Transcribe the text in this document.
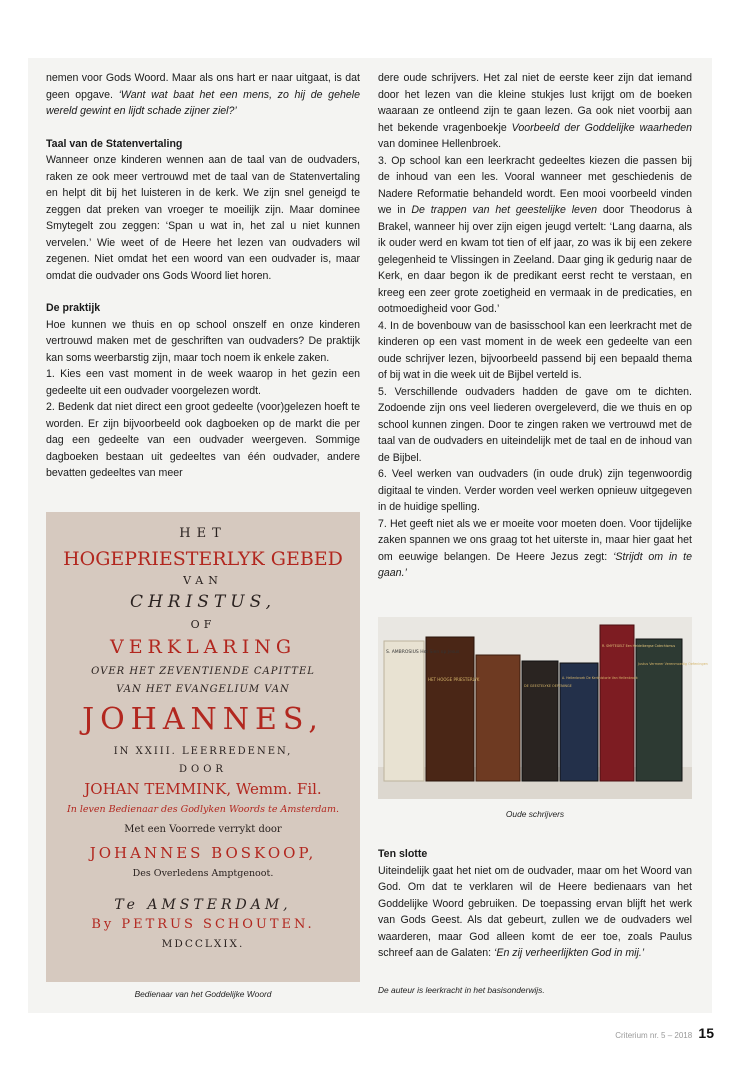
nemen voor Gods Woord. Maar als ons hart er naar uitgaat, is dat geen opgave. ‘Want wat baat het een mens, zo hij de gehele wereld gewint en lijdt schade zijner ziel?’

Taal van de Statenvertaling

Wanneer onze kinderen wennen aan de taal van de oudvaders, raken ze ook meer vertrouwd met de taal van de Statenvertaling en helpt dit bij het luisteren in de kerk. We zijn snel geneigd te zeggen dat preken van vroeger te moeilijk zijn. Maar dominee Smytegelt zou zeggen: ‘Span u wat in, het zal u niet kunnen vervelen.’ Wie weet of de Heere het lezen van oudvaders wil zegenen. Niet omdat het een woord van een oudvader is, maar omdat die oudvader ons Gods Woord liet horen.

De praktijk

Hoe kunnen we thuis en op school onszelf en onze kinderen vertrouwd maken met de geschriften van oudvaders? De praktijk kan soms weerbarstig zijn, maar toch noem ik enkele zaken.

1. Kies een vast moment in de week waarop in het gezin een gedeelte uit een oudvader voorgelezen wordt.

2. Bedenk dat niet direct een groot gedeelte (voor)gelezen hoeft te worden. Er zijn bijvoorbeeld ook dagboeken op de markt die per dag een gedeelte van een oudvader weergeven. Sommige dagboeken bestaan uit gedeeltes van één oudvader, andere bevatten gedeeltes van meer

HET
HOGEPRIESTERLYK GEBED
VAN
CHRISTUS,
OF
VERKLARING
OVER HET ZEVENTIENDE CAPITTEL
VAN HET EVANGELIUM VAN
JOHANNES,
IN XXIII. LEERREDENEN,
DOOR
JOHAN TEMMINK, Wemm. Fil.
In leven Bedienaar des Godlyken Woords te Amsterdam.
Met een Voorrede verrykt door
JOHANNES BOSKOOP,
Des Overledens Amptgenoot.
Te AMSTERDAM,
By PETRUS SCHOUTEN.
MDCCLXIX.
Bedienaar van het Goddelijke Woord

dere oude schrijvers. Het zal niet de eerste keer zijn dat iemand door het lezen van die kleine stukjes lust krijgt om de boeken waaraan ze ontleend zijn te gaan lezen. Ga ook niet voorbij aan het bekende vragenboekje Voorbeeld der Goddelijke waarheden van dominee Hellenbroek.

3. Op school kan een leerkracht gedeeltes kiezen die passen bij de inhoud van een les. Vooral wanneer met geschiedenis de Nadere Reformatie behandeld wordt. Een mooi voorbeeld vinden we in De trappen van het geestelijke leven door Theodorus à Brakel, wanneer hij over zijn eigen jeugd vertelt: ‘Lang daarna, als ik ouder werd en kwam tot tien of elf jaar, zo was ik bij een zekere gelegenheid te Vlissingen in Zeeland. Daar ging ik gedurig naar de Kerk, en daar begon ik de predikant eerst recht te verstaan, en kreeg een zeer grote zoetigheid en vermaak in de predicaties, en ootmoedigheid voor God.’

4. In de bovenbouw van de basisschool kan een leerkracht met de kinderen op een vast moment in de week een gedeelte van een oude schrijver lezen, bijvoorbeeld passend bij een bepaald thema of bij wat in die week uit de Bijbel verteld is.

5. Verschillende oudvaders hadden de gave om te dichten. Zodoende zijn ons veel liederen overgeleverd, die we thuis en op school kunnen zingen. Door te zingen raken we vertrouwd met de taal van de oudvaders en uiteindelijk met de taal en de inhoud van de Bijbel.

6. Veel werken van oudvaders (in oude druk) zijn tegenwoordig digitaal te vinden. Verder worden veel werken opnieuw uitgegeven in de huidige spelling.

7. Het geeft niet als we er moeite voor moeten doen. Voor tijdelijke zaken spannen we ons graag tot het uiterste in, maar hier gaat het om eeuwige belangen. De Heere Jezus zegt: ‘Strijdt om in te gaan.’

S. AMBROSIUS Het Sien op Jesus
HET HOOGE PRIESTERLYK
DE GEESTELYKE OEFENINGE
A. Hellenbroek De Kerkhistorie Van Hellenbroek
R. SMYTEGELT Een Heidelbergse Catechismus
Justus Vermeer Verenmoedig Oefeningen
Oude schrijvers

Ten slotte

Uiteindelijk gaat het niet om de oudvader, maar om het Woord van God. Om dat te verklaren wil de Heere bedienaars van het Goddelijke Woord gebruiken. De toepassing ervan blijft het werk van Gods Geest. Als dat gebeurt, zullen we de oudvaders wel waarderen, maar God alleen komt de eer toe, zoals Paulus schreef aan de Galaten: ‘En zij verheerlijkten God in mij.’

De auteur is leerkracht in het basisonderwijs.
Criterium nr. 5 – 2018 15
